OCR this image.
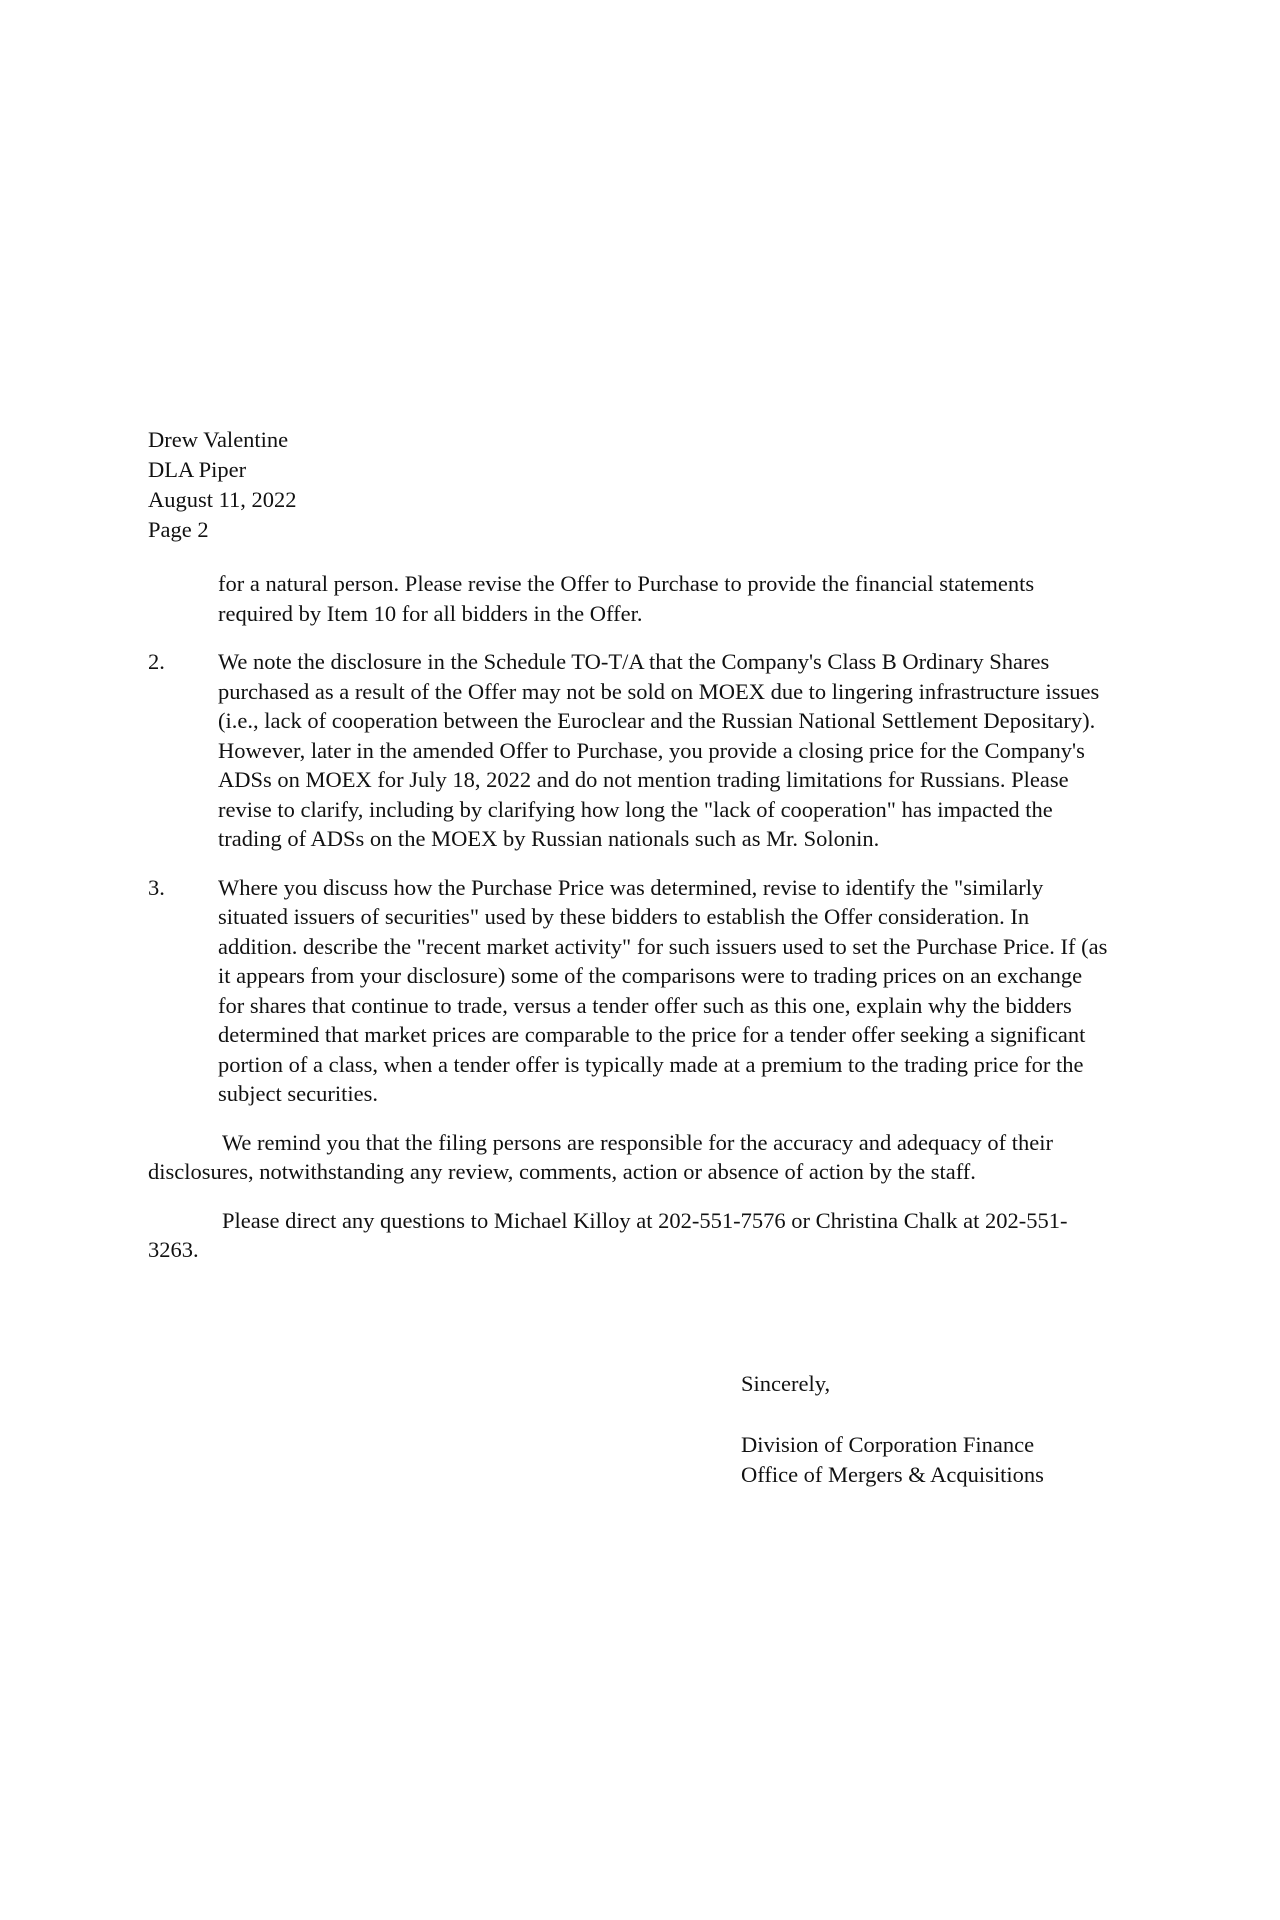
Drew Valentine
DLA Piper
August 11, 2022
Page 2
for a natural person. Please revise the Offer to Purchase to provide the financial statements required by Item 10 for all bidders in the Offer.
2. We note the disclosure in the Schedule TO-T/A that the Company's Class B Ordinary Shares purchased as a result of the Offer may not be sold on MOEX due to lingering infrastructure issues (i.e., lack of cooperation between the Euroclear and the Russian National Settlement Depositary). However, later in the amended Offer to Purchase, you provide a closing price for the Company's ADSs on MOEX for July 18, 2022 and do not mention trading limitations for Russians. Please revise to clarify, including by clarifying how long the "lack of cooperation" has impacted the trading of ADSs on the MOEX by Russian nationals such as Mr. Solonin.
3. Where you discuss how the Purchase Price was determined, revise to identify the "similarly situated issuers of securities" used by these bidders to establish the Offer consideration. In addition. describe the "recent market activity" for such issuers used to set the Purchase Price. If (as it appears from your disclosure) some of the comparisons were to trading prices on an exchange for shares that continue to trade, versus a tender offer such as this one, explain why the bidders determined that market prices are comparable to the price for a tender offer seeking a significant portion of a class, when a tender offer is typically made at a premium to the trading price for the subject securities.
We remind you that the filing persons are responsible for the accuracy and adequacy of their disclosures, notwithstanding any review, comments, action or absence of action by the staff.
Please direct any questions to Michael Killoy at 202-551-7576 or Christina Chalk at 202-551-3263.
Sincerely,
Division of Corporation Finance
Office of Mergers & Acquisitions
